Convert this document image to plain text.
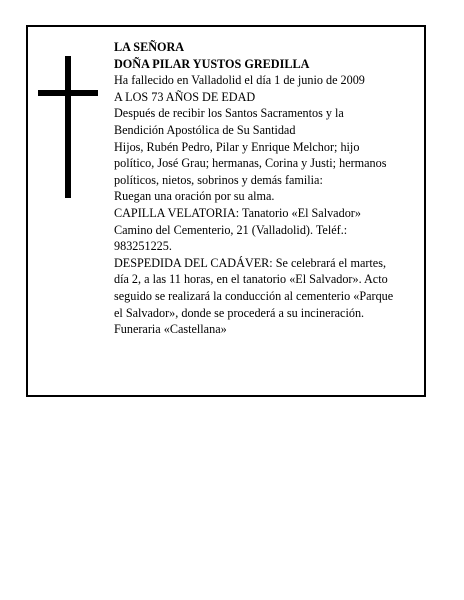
LA SEÑORA
DOÑA PILAR YUSTOS GREDILLA
Ha fallecido en Valladolid el día 1 de junio de 2009
A LOS 73 AÑOS DE EDAD
Después de recibir los Santos Sacramentos y la
Bendición Apostólica de Su Santidad
Hijos, Rubén Pedro, Pilar y Enrique Melchor; hijo
político, José Grau; hermanas, Corina y Justi; hermanos
políticos, nietos, sobrinos y demás familia:
Ruegan una oración por su alma.
CAPILLA VELATORIA: Tanatorio «El Salvador»
Camino del Cementerio, 21 (Valladolid). Teléf.:
983251225.
DESPEDIDA DEL CADÁVER: Se celebrará el martes,
día 2, a las 11 horas, en el tanatorio «El Salvador». Acto
seguido se realizará la conducción al cementerio «Parque
el Salvador», donde se procederá a su incineración.
Funeraria «Castellana»
